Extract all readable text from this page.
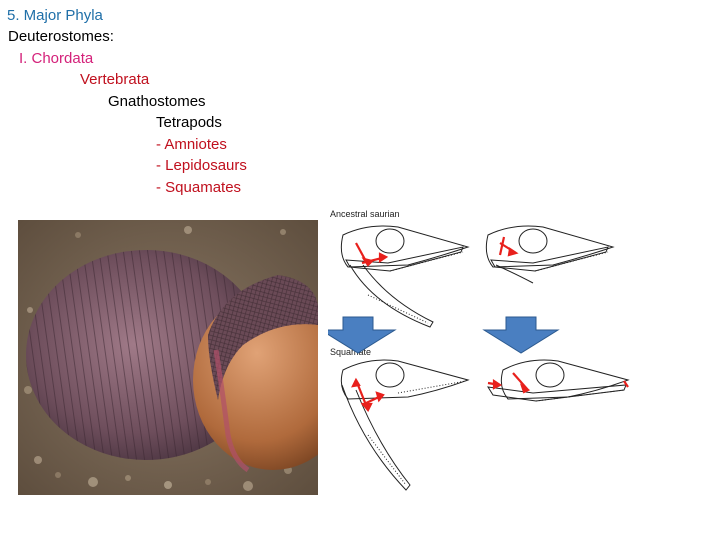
5. Major Phyla
Deuterostomes:
I. Chordata
Vertebrata
Gnathostomes
Tetrapods
- Amniotes
- Lepidosaurs
- Squamates
Ancestral saurian
Squamate
